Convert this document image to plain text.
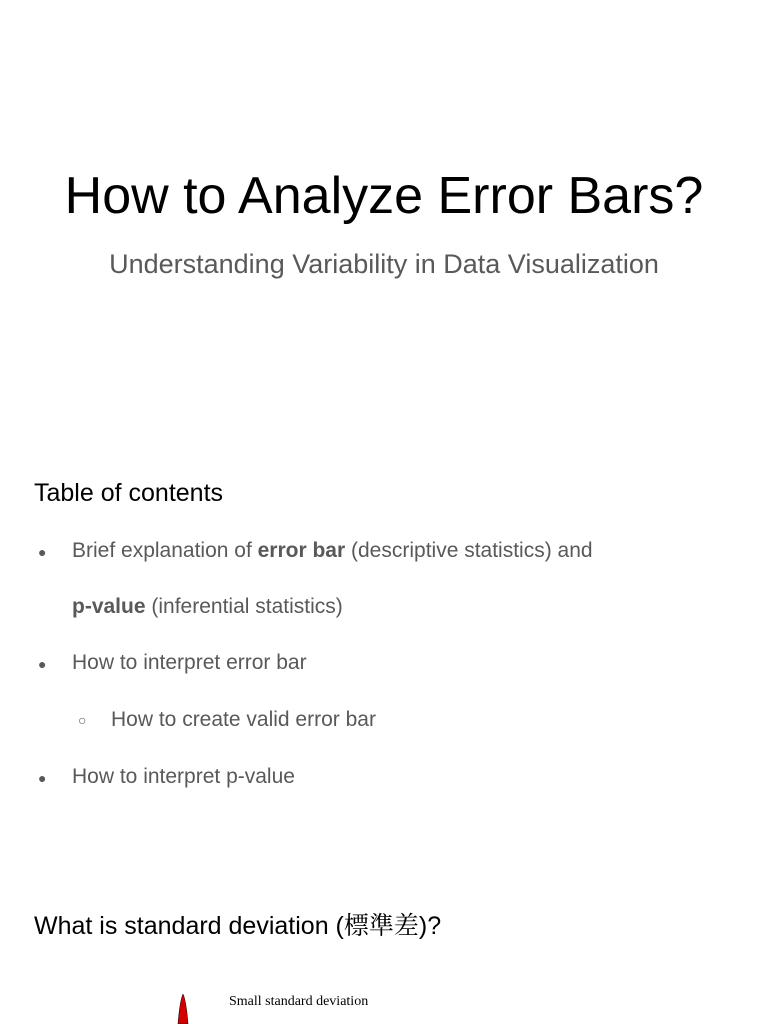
How to Analyze Error Bars?
Understanding Variability in Data Visualization
Table of contents
● Brief explanation of error bar (descriptive statistics) and
p-value (inferential statistics)
● How to interpret error bar
○ How to create valid error bar
● How to interpret p-value
What is standard deviation (標準差)?
Small standard deviation
